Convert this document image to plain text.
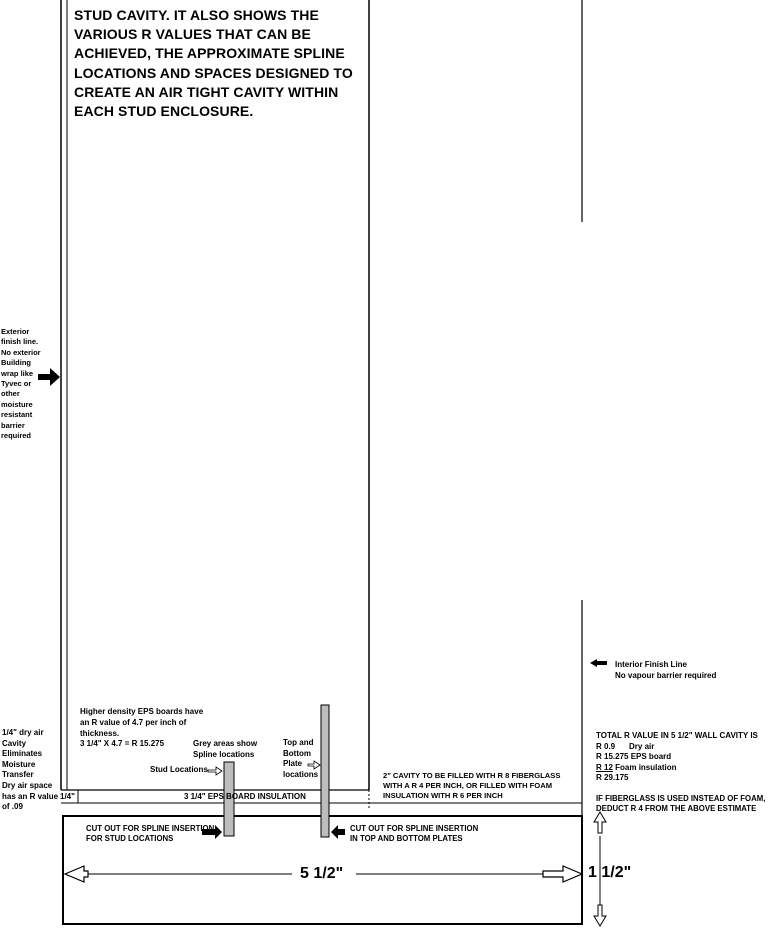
STUD CAVITY. IT ALSO SHOWS THE
VARIOUS R VALUES THAT CAN BE
ACHIEVED, THE APPROXIMATE SPLINE
LOCATIONS AND SPACES DESIGNED TO
CREATE AN AIR TIGHT CAVITY WITHIN
EACH STUD ENCLOSURE.
Exterior
finish line.
No exterior
Building
wrap like
Tyvec or
other
moisture
resistant
barrier
required
Interior Finish Line
No vapour barrier required
Higher density EPS boards have
an R value of 4.7 per inch of
thickness.
3 1/4" X 4.7 = R 15.275	Grey areas show
Spline locations
Stud Locations
Top and
Bottom
Plate
locations
1/4" dry air
Cavity
Eliminates
Moisture
Transfer
Dry air space
has an R value
of .09
1/4"	3 1/4" EPS BOARD INSULATION
2" CAVITY TO BE FILLED WITH R 8 FIBERGLASS
WITH A R 4 PER INCH, OR FILLED WITH FOAM
INSULATION WITH R 6 PER INCH
TOTAL R VALUE IN 5 1/2" WALL CAVITY IS
R 0.9 Dry air
R 15.275 EPS board
R 12 Foam insulation
R 29.175
IF FIBERGLASS IS USED INSTEAD OF FOAM,
DEDUCT R 4 FROM THE ABOVE ESTIMATE
CUT OUT FOR SPLINE INSERTION
FOR STUD LOCATIONS
CUT OUT FOR SPLINE INSERTION
IN TOP AND BOTTOM PLATES
5 1/2"	1 1/2"
